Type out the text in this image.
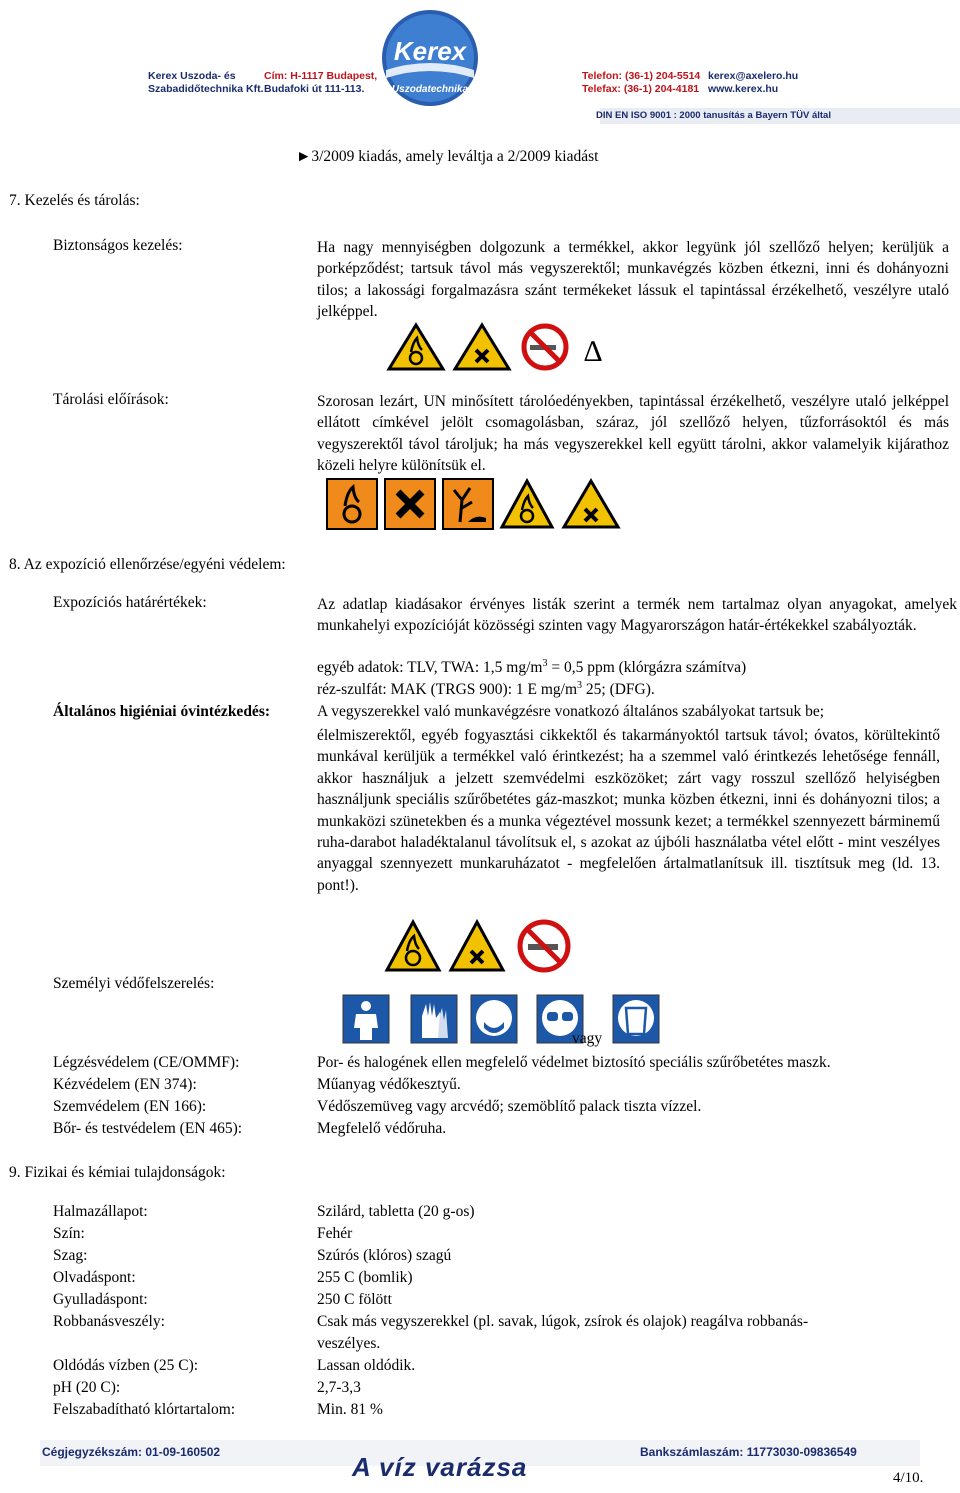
Kerex Uszoda- és
Szabadidőtechnika Kft.
Cím: H-1117 Budapest,
Budafoki út 111-113.
Kerex
Uszodatechnika
Telefon: (36-1) 204-5514
Telefax: (36-1) 204-4181
kerex@axelero.hu
www.kerex.hu
DIN EN ISO 9001 : 2000 tanusítás a Bayern TÜV által
►3/2009 kiadás, amely leváltja a 2/2009 kiadást
7. Kezelés és tárolás:
Biztonságos kezelés:	Ha nagy mennyiségben dolgozunk a termékkel, akkor legyünk jól szellőző helyen; kerüljük a porképződést; tartsuk távol más vegyszerektől; munkavégzés közben étkezni, inni és dohányozni tilos; a lakossági forgalmazásra szánt termékeket lássuk el tapintással érzékelhető, veszélyre utaló jelképpel.
∆
Tárolási előírások:	Szorosan lezárt, UN minősített tárolóedényekben, tapintással érzékelhető, veszélyre utaló jelképpel ellátott címkével jelölt csomagolásban, száraz, jól szellőző helyen, tűzforrásoktól és más vegyszerektől távol tároljuk; ha más vegyszerekkel kell együtt tárolni, akkor valamelyik kijárathoz közeli helyre különítsük el.
8. Az expozíció ellenőrzése/egyéni védelem:
Expozíciós határértékek:	Az adatlap kiadásakor érvényes listák szerint a termék nem tartalmaz olyan anyagokat, amelyek munkahelyi expozícióját közösségi szinten vagy Magyarországon határ-értékekkel szabályozták.
egyéb adatok: TLV, TWA: 1,5 $mg/m^3 = 0,5$ ppm (klórgázra számítva)
réz-szulfát: MAK (TRGS 900): 1 E $mg/m^3$ 25; (DFG).
Általános higiéniai óvintézkedés:	A vegyszerekkel való munkavégzésre vonatkozó általános szabályokat tartsuk be;
élelmiszerektől, egyéb fogyasztási cikkektől és takarmányoktól tartsuk távol; óvatos, körültekintő munkával kerüljük a termékkel való érintkezést; ha a szemmel való érintkezés lehetősége fennáll, akkor használjuk a jelzett szemvédelmi eszközöket; zárt vagy rosszul szellőző helyiségben használjunk speciális szűrőbetétes gáz-maszkot; munka közben étkezni, inni és dohányozni tilos; a munkaközi szünetekben és a munka végeztével mossunk kezet; a termékkel szennyezett bárminemű ruha-darabot haladéktalanul távolítsuk el, s azokat az újbóli használatba vétel előtt - mint veszélyes anyaggal szennyezett munkaruházatot - megfelelően ártalmatlanítsuk ill. tisztítsuk meg (ld. 13. pont!).
Személyi védőfelszerelés:
vagy
Légzésvédelem (CE/OMMF):	Por- és halogének ellen megfelelő védelmet biztosító speciális szűrőbetétes maszk.
Kézvédelem (EN 374):	Műanyag védőkesztyű.
Szemvédelem (EN 166):	Védőszemüveg vagy arcvédő; szemöblítő palack tiszta vízzel.
Bőr- és testvédelem (EN 465):	Megfelelő védőruha.
9. Fizikai és kémiai tulajdonságok:
Halmazállapot:	Szilárd, tabletta (20 g-os)
Szín:	Fehér
Szag:	Szúrós (klóros) szagú
Olvadáspont:	255 C (bomlik)
Gyulladáspont:	250 C fölött
Robbanásveszély:	Csak más vegyszerekkel (pl. savak, lúgok, zsírok és olajok) reagálva robbanás-
veszélyes.
Oldódás vízben (25 C):	Lassan oldódik.
pH (20 C):	2,7-3,3
Felszabadítható klórtartalom:	Min. 81 %
Cégjegyzékszám: 01-09-160502	A víz varázsa	Bankszámlaszám: 11773030-09836549
4/10.
